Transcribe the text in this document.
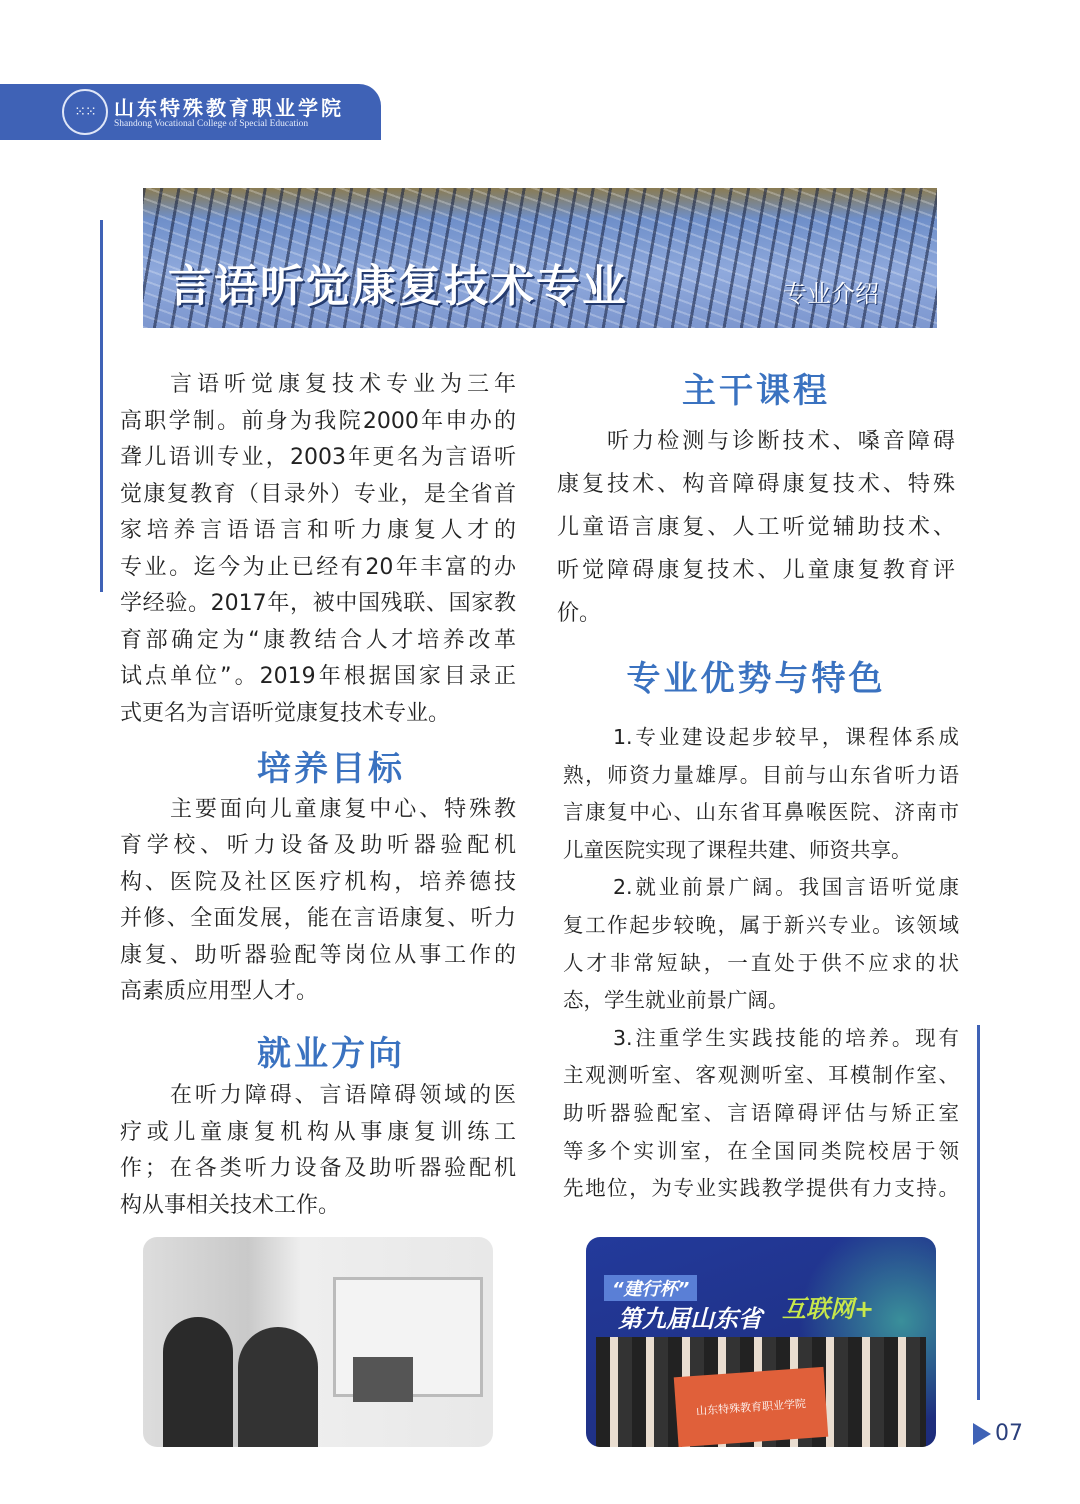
⁙⁙ 山东特殊教育职业学院
Shandong Vocational College of Special Education
言语听觉康复技术专业	专业介绍
言语听觉康复技术专业为三年
高职学制。前身为我院2000年申办的
聋儿语训专业，2003年更名为言语听
觉康复教育（目录外）专业，是全省首
家培养言语语言和听力康复人才的
专业。迄今为止已经有20年丰富的办
学经验。2017年，被中国残联、国家教
育部确定为“康教结合人才培养改革
试点单位”。2019年根据国家目录正
式更名为言语听觉康复技术专业。
培养目标
主要面向儿童康复中心、特殊教
育学校、听力设备及助听器验配机
构、医院及社区医疗机构，培养德技
并修、全面发展，能在言语康复、听力
康复、助听器验配等岗位从事工作的
高素质应用型人才。
就业方向
在听力障碍、言语障碍领域的医
疗或儿童康复机构从事康复训练工
作；在各类听力设备及助听器验配机
构从事相关技术工作。
主干课程
听力检测与诊断技术、嗓音障碍
康复技术、构音障碍康复技术、特殊
儿童语言康复、人工听觉辅助技术、
听觉障碍康复技术、儿童康复教育评
价。
专业优势与特色
1.专业建设起步较早，课程体系成
熟，师资力量雄厚。目前与山东省听力语
言康复中心、山东省耳鼻喉医院、济南市
儿童医院实现了课程共建、师资共享。
2.就业前景广阔。我国言语听觉康
复工作起步较晚，属于新兴专业。该领域
人才非常短缺，一直处于供不应求的状
态，学生就业前景广阔。
3.注重学生实践技能的培养。现有
主观测听室、客观测听室、耳模制作室、
助听器验配室、言语障碍评估与矫正室
等多个实训室，在全国同类院校居于领
先地位，为专业实践教学提供有力支持。
“建行杯”
第九届山东省 互联网+
山东特殊教育职业学院
07
